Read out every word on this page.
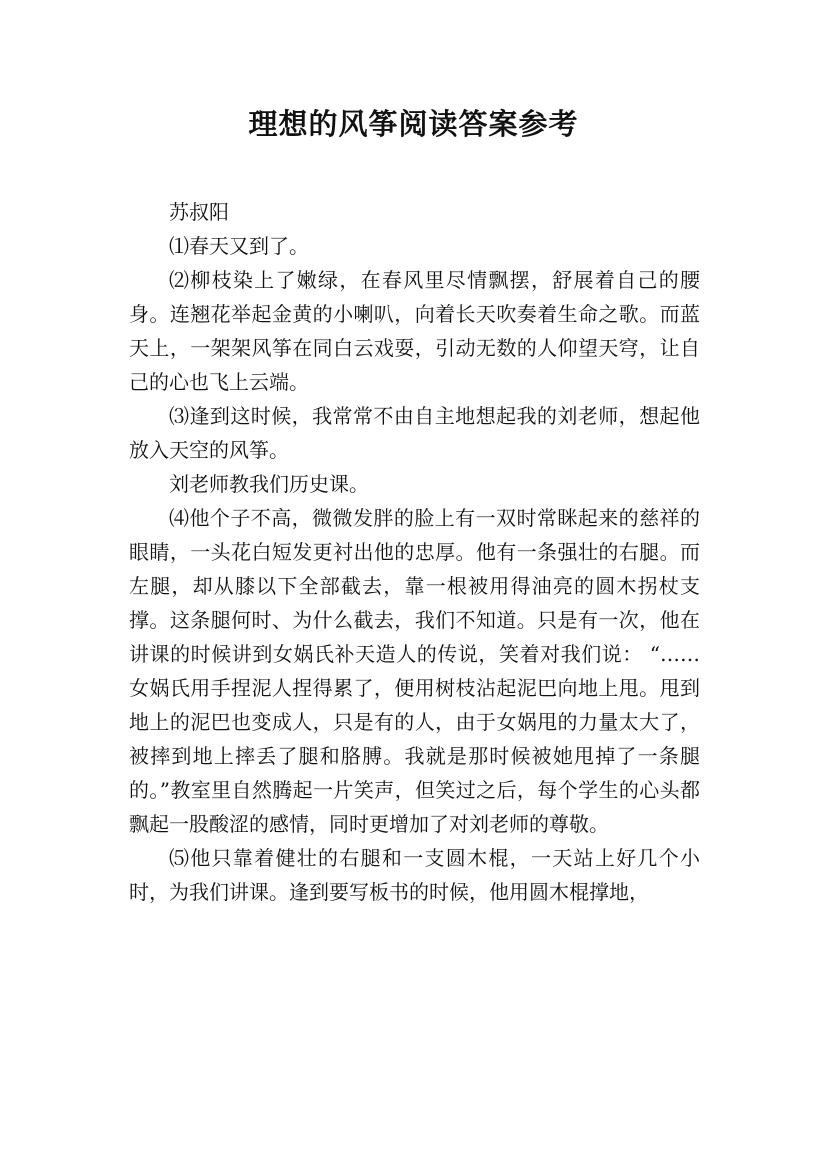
理想的风筝阅读答案参考

苏叔阳

⑴春天又到了。

⑵柳枝染上了嫩绿，在春风里尽情飘摆，舒展着自己的腰身。连翘花举起金黄的小喇叭，向着长天吹奏着生命之歌。而蓝天上，一架架风筝在同白云戏耍，引动无数的人仰望天穹，让自己的心也飞上云端。

⑶逢到这时候，我常常不由自主地想起我的刘老师，想起他放入天空的风筝。

刘老师教我们历史课。

⑷他个子不高，微微发胖的脸上有一双时常眯起来的慈祥的眼睛，一头花白短发更衬出他的忠厚。他有一条强壮的右腿。而左腿，却从膝以下全部截去，靠一根被用得油亮的圆木拐杖支撑。这条腿何时、为什么截去，我们不知道。只是有一次，他在讲课的时候讲到女娲氏补天造人的传说，笑着对我们说： “……女娲氏用手捏泥人捏得累了，便用树枝沾起泥巴向地上甩。甩到地上的泥巴也变成人，只是有的人，由于女娲甩的力量太大了，被摔到地上摔丢了腿和胳膊。我就是那时候被她甩掉了一条腿的。”教室里自然腾起一片笑声，但笑过之后，每个学生的心头都飘起一股酸涩的感情，同时更增加了对刘老师的尊敬。

⑸他只靠着健壮的右腿和一支圆木棍，一天站上好几个小时，为我们讲课。逢到要写板书的时候，他用圆木棍撑地，
